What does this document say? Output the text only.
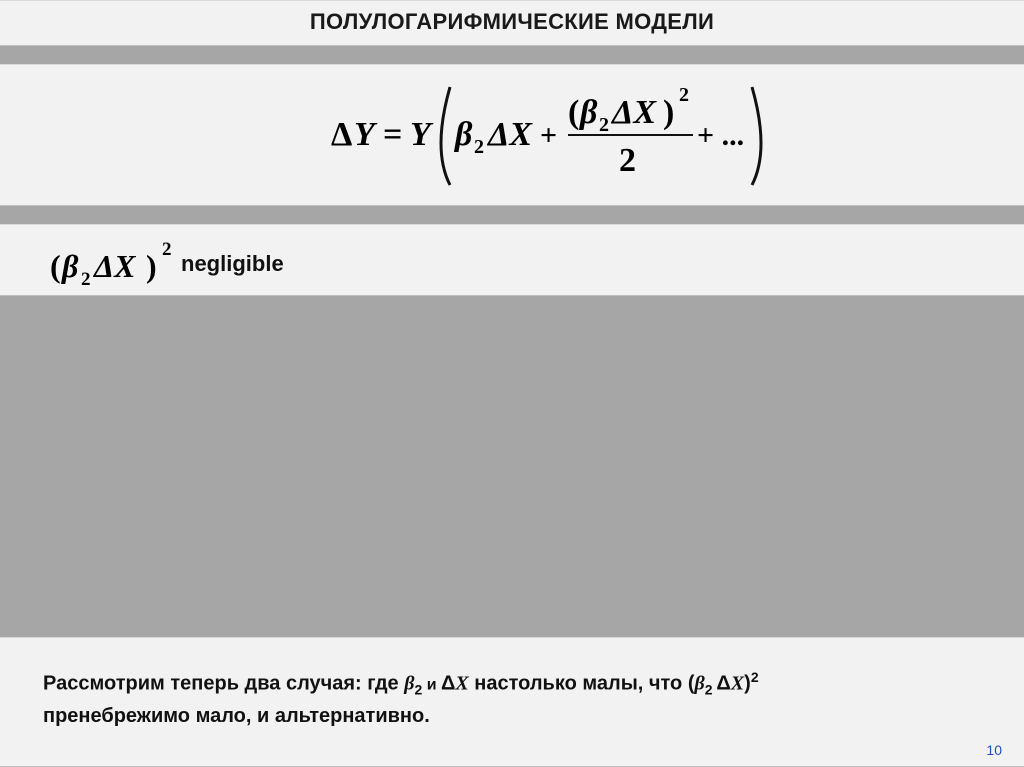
ПОЛУЛОГАРИФМИЧЕСКИЕ МОДЕЛИ
Δ Y = Y β 2 ΔX +
( β 2 ΔX ) 2
2
+ ...
( β 2 ΔX ) 2
negligible
Рассмотрим теперь два случая: где $\beta_2$ и ΔX настолько малы, что ($\beta_2$ ΔX)$^2$
пренебрежимо мало, и альтернативно.
10
